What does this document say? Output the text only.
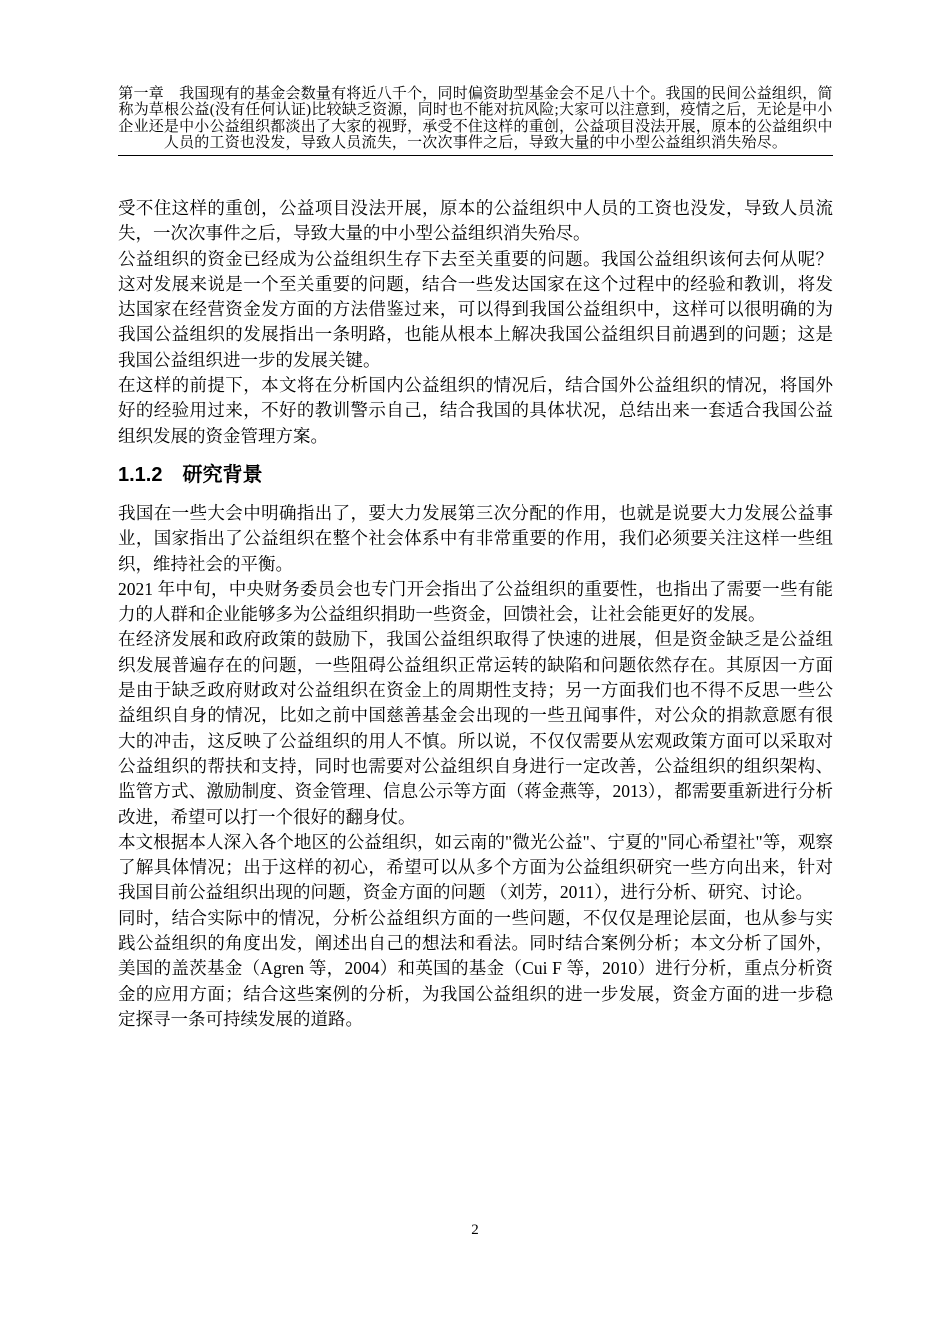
第一章　我国现有的基金会数量有将近八千个，同时偏资助型基金会不足八十个。我国的民间公益组织，简称为草根公益(没有任何认证)比较缺乏资源，同时也不能对抗风险;大家可以注意到，疫情之后，无论是中小企业还是中小公益组织都淡出了大家的视野，承受不住这样的重创，公益项目没法开展，原本的公益组织中人员的工资也没发，导致人员流失，一次次事件之后，导致大量的中小型公益组织消失殆尽。

受不住这样的重创，公益项目没法开展，原本的公益组织中人员的工资也没发，导致人员流失，一次次事件之后，导致大量的中小型公益组织消失殆尽。

公益组织的资金已经成为公益组织生存下去至关重要的问题。我国公益组织该何去何从呢？这对发展来说是一个至关重要的问题，结合一些发达国家在这个过程中的经验和教训，将发达国家在经营资金发方面的方法借鉴过来，可以得到我国公益组织中，这样可以很明确的为我国公益组织的发展指出一条明路，也能从根本上解决我国公益组织目前遇到的问题；这是我国公益组织进一步的发展关键。

在这样的前提下，本文将在分析国内公益组织的情况后，结合国外公益组织的情况，将国外好的经验用过来，不好的教训警示自己，结合我国的具体状况，总结出来一套适合我国公益组织发展的资金管理方案。

1.1.2 研究背景

我国在一些大会中明确指出了，要大力发展第三次分配的作用，也就是说要大力发展公益事业，国家指出了公益组织在整个社会体系中有非常重要的作用，我们必须要关注这样一些组织，维持社会的平衡。

2021 年中旬，中央财务委员会也专门开会指出了公益组织的重要性，也指出了需要一些有能力的人群和企业能够多为公益组织捐助一些资金，回馈社会，让社会能更好的发展。

在经济发展和政府政策的鼓励下，我国公益组织取得了快速的进展，但是资金缺乏是公益组织发展普遍存在的问题，一些阻碍公益组织正常运转的缺陷和问题依然存在。其原因一方面是由于缺乏政府财政对公益组织在资金上的周期性支持；另一方面我们也不得不反思一些公益组织自身的情况，比如之前中国慈善基金会出现的一些丑闻事件，对公众的捐款意愿有很大的冲击，这反映了公益组织的用人不慎。所以说，不仅仅需要从宏观政策方面可以采取对公益组织的帮扶和支持，同时也需要对公益组织自身进行一定改善，公益组织的组织架构、监管方式、激励制度、资金管理、信息公示等方面（蒋金燕等，2013），都需要重新进行分析改进，希望可以打一个很好的翻身仗。

本文根据本人深入各个地区的公益组织，如云南的"微光公益"、宁夏的"同心希望社"等，观察了解具体情况；出于这样的初心，希望可以从多个方面为公益组织研究一些方向出来，针对我国目前公益组织出现的问题，资金方面的问题 （刘芳，2011），进行分析、研究、讨论。

同时，结合实际中的情况，分析公益组织方面的一些问题，不仅仅是理论层面，也从参与实践公益组织的角度出发，阐述出自己的想法和看法。同时结合案例分析；本文分析了国外，美国的盖茨基金（Agren 等，2004）和英国的基金（Cui F 等，2010）进行分析，重点分析资金的应用方面；结合这些案例的分析，为我国公益组织的进一步发展，资金方面的进一步稳定探寻一条可持续发展的道路。

2
